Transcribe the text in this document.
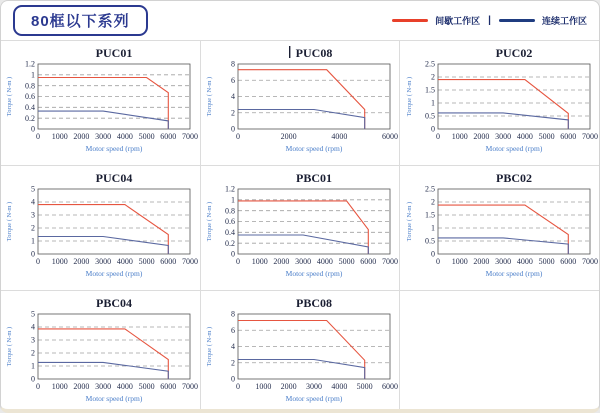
80框以下系列	间歇工作区 |	连续工作区
PUC01
0
0.2
0.4
0.6
0.8
1
1.2
0 1000 2000 3000 4000 5000 6000 7000
Motor speed (rpm)
Torque ( N-m )
PUC08
0
2
4
6
8
0	2000	4000	6000
Motor speed (rpm)
Torque ( N-m )
PUC02
0
0.5
1
1.5
2
2.5
0 1000 2000 3000 4000 5000 6000 7000
Motor speed (rpm)
Torque ( N-m )
PUC04
0
1
2
3
4
5
0 1000 2000 3000 4000 5000 6000 7000
Motor speed (rpm)
Torque ( N-m )
PBC01
0
0.2
0.4
0.6
0.8
1
1.2
0 1000 2000 3000 4000 5000 6000 7000
Motor speed (rpm)
Torque ( N-m )
PBC02
0
0.5
1
1.5
2
2.5
0 1000 2000 3000 4000 5000 6000 7000
Motor speed (rpm)
Torque ( N-m )
PBC04
0
1
2
3
4
5
0 1000 2000 3000 4000 5000 6000 7000
Motor speed (rpm)
Torque ( N-m )
PBC08
0
2
4
6
8
0 1000 2000 3000 4000 5000 6000
Motor speed (rpm)
Torque ( N-m )
